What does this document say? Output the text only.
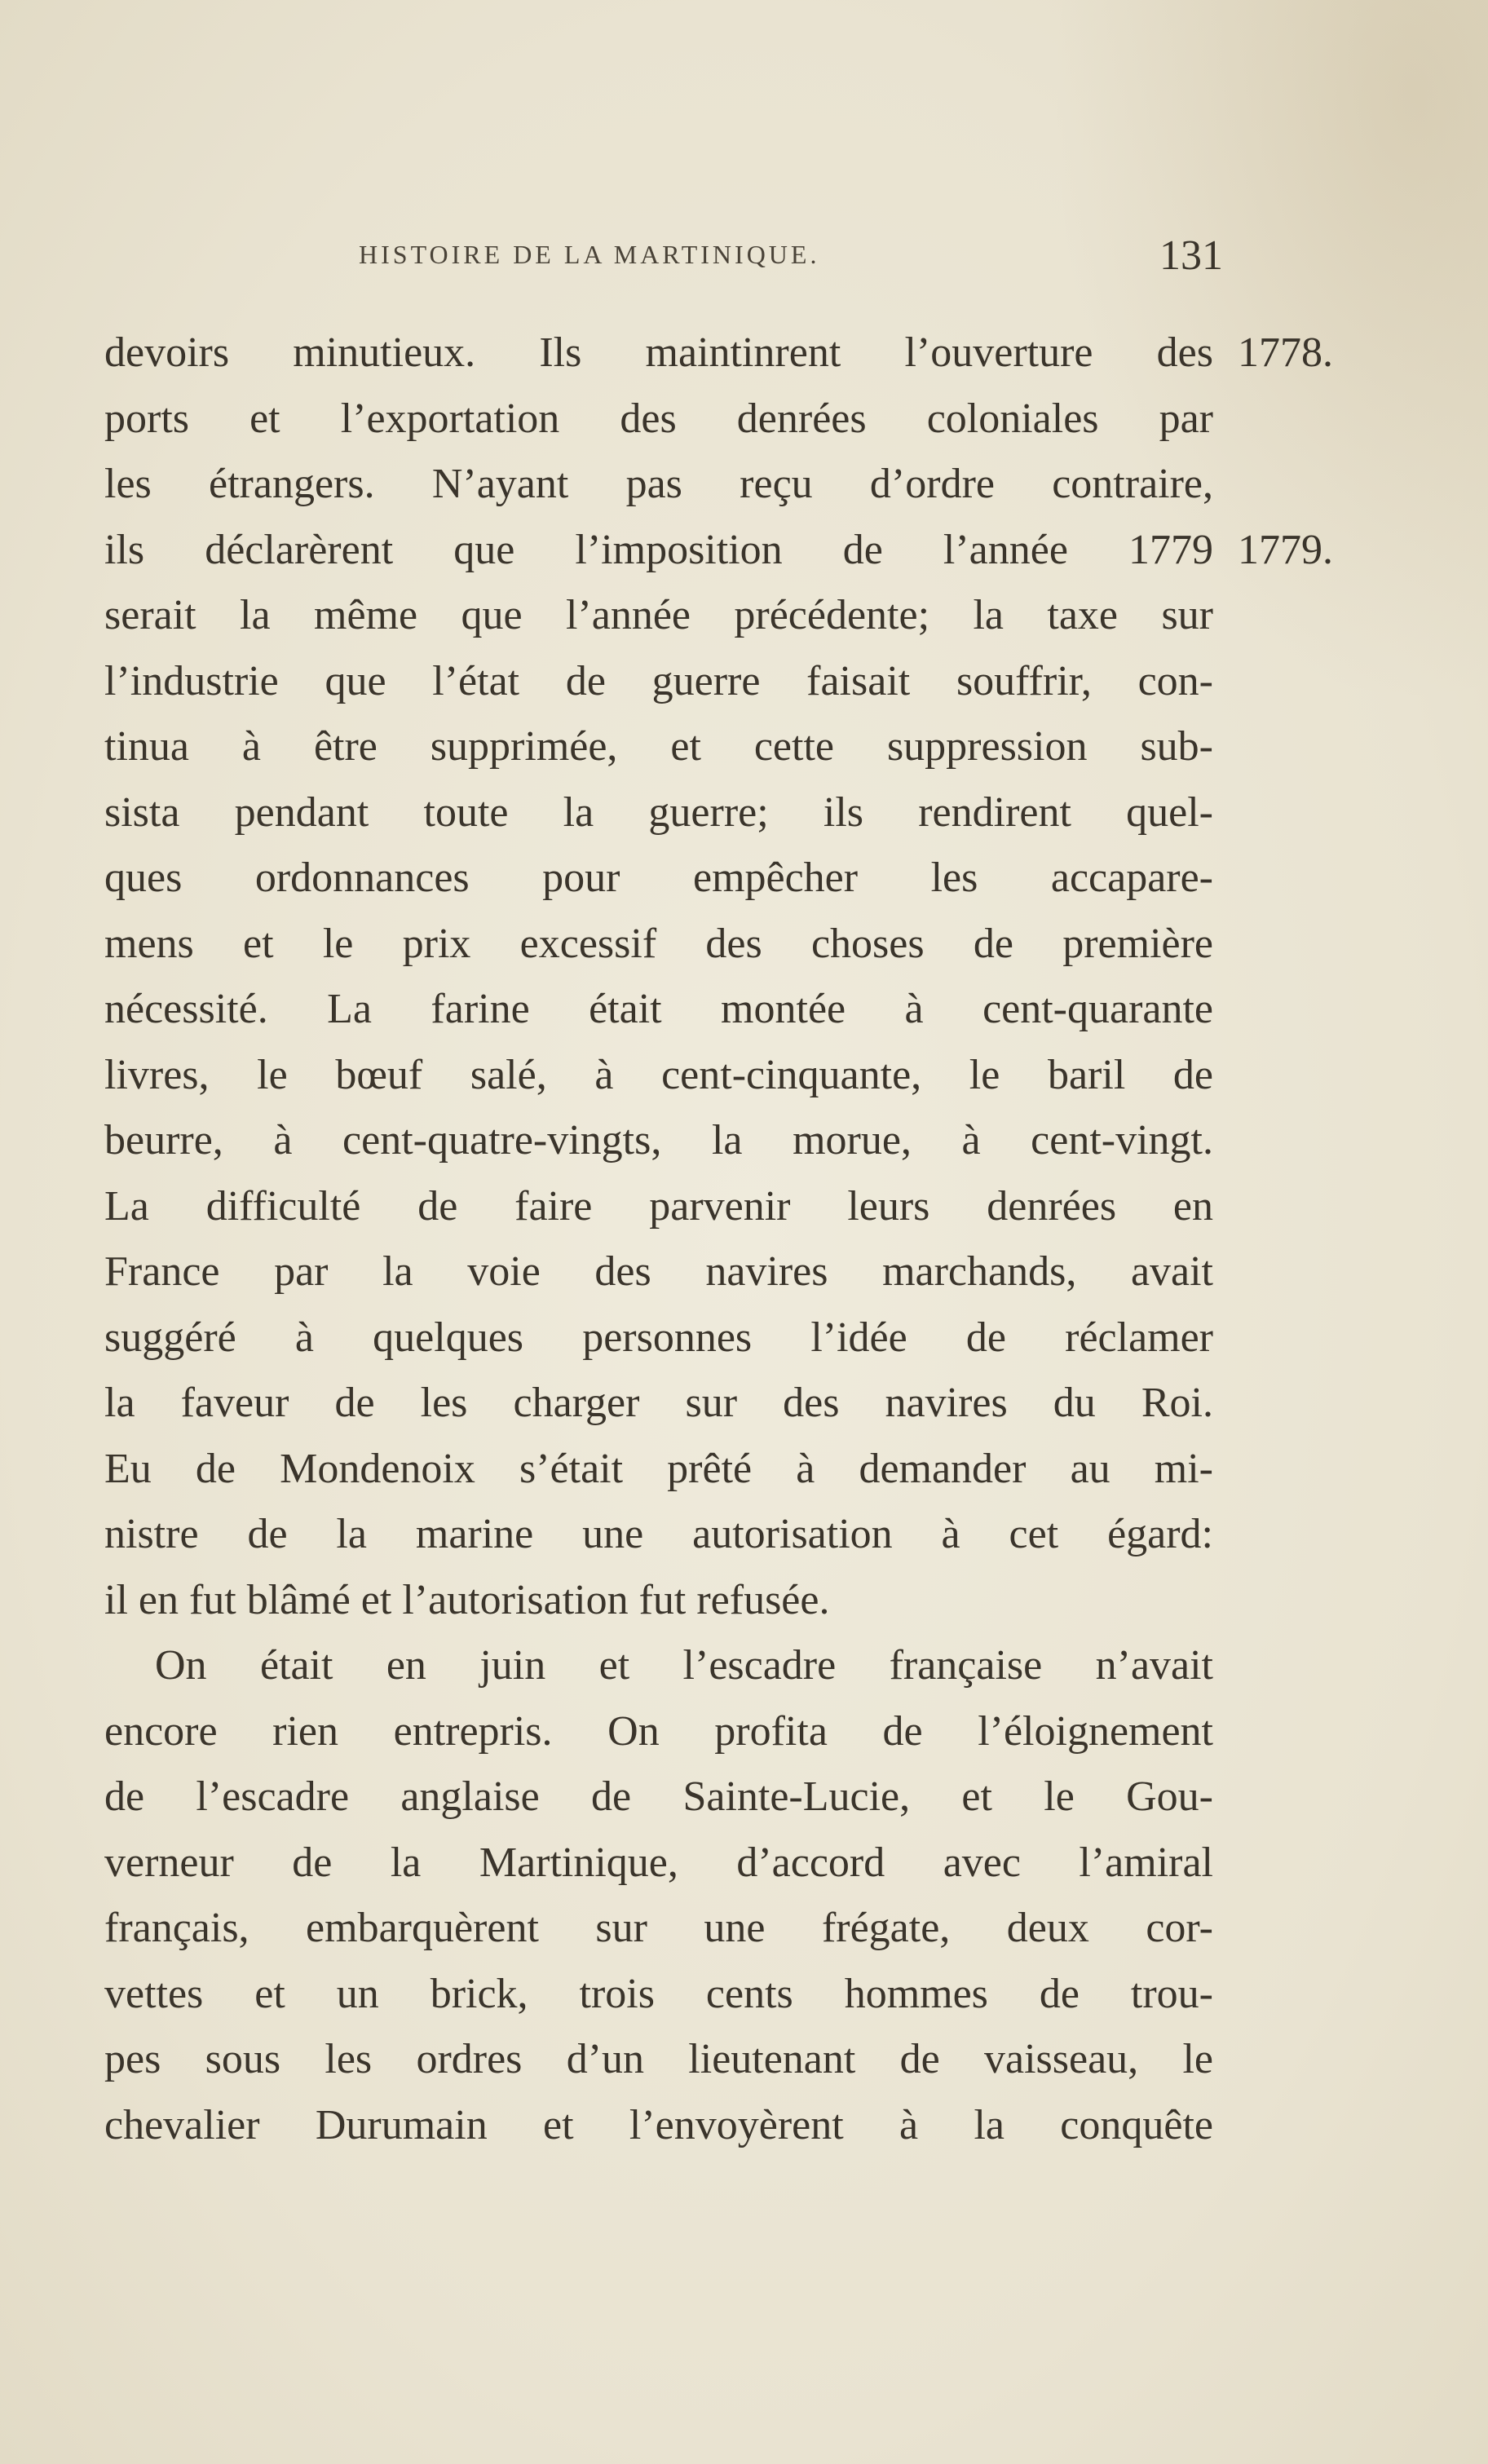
HISTOIRE DE LA MARTINIQUE.	131
1778.
1779.
devoirs minutieux. Ils maintinrent l’ouverture des
ports et l’exportation des denrées coloniales par
les étrangers. N’ayant pas reçu d’ordre contraire,
ils déclarèrent que l’imposition de l’année 1779
serait la même que l’année précédente; la taxe sur
l’industrie que l’état de guerre faisait souffrir, con-
tinua à être supprimée, et cette suppression sub-
sista pendant toute la guerre; ils rendirent quel-
ques ordonnances pour empêcher les accapare-
mens et le prix excessif des choses de première
nécessité. La farine était montée à cent-quarante
livres, le bœuf salé, à cent-cinquante, le baril de
beurre, à cent-quatre-vingts, la morue, à cent-vingt.
La difficulté de faire parvenir leurs denrées en
France par la voie des navires marchands, avait
suggéré à quelques personnes l’idée de réclamer
la faveur de les charger sur des navires du Roi.
Eu de Mondenoix s’était prêté à demander au mi-
nistre de la marine une autorisation à cet égard:
il en fut blâmé et l’autorisation fut refusée.
On était en juin et l’escadre française n’avait
encore rien entrepris. On profita de l’éloignement
de l’escadre anglaise de Sainte-Lucie, et le Gou-
verneur de la Martinique, d’accord avec l’amiral
français, embarquèrent sur une frégate, deux cor-
vettes et un brick, trois cents hommes de trou-
pes sous les ordres d’un lieutenant de vaisseau, le
chevalier Durumain et l’envoyèrent à la conquête
